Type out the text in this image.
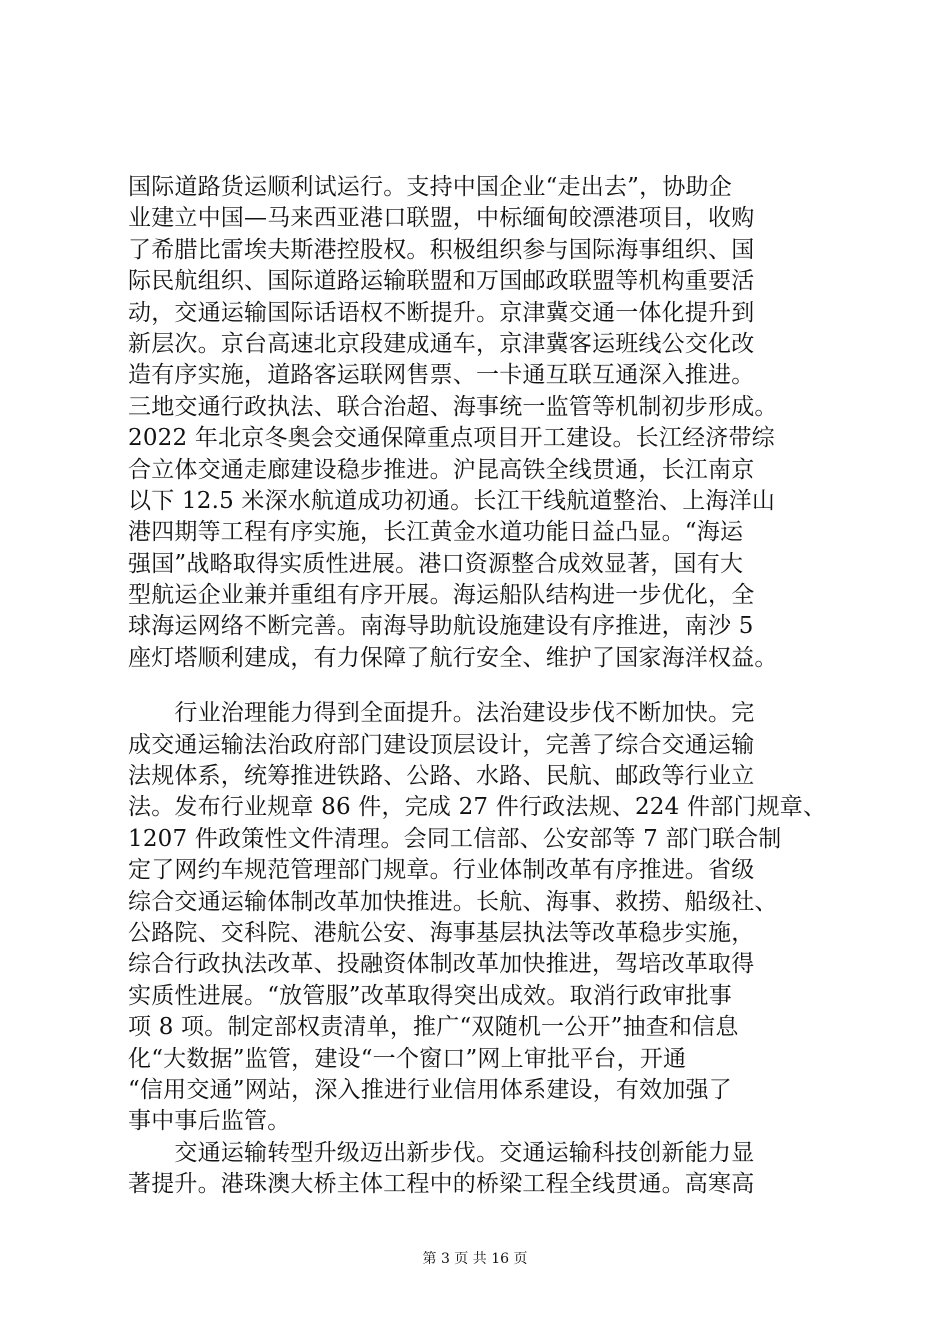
国际道路货运顺利试运行。支持中国企业“走出去”，协助企
业建立中国—马来西亚港口联盟，中标缅甸皎漂港项目，收购
了希腊比雷埃夫斯港控股权。积极组织参与国际海事组织、国
际民航组织、国际道路运输联盟和万国邮政联盟等机构重要活
动，交通运输国际话语权不断提升。京津冀交通一体化提升到
新层次。京台高速北京段建成通车，京津冀客运班线公交化改
造有序实施，道路客运联网售票、一卡通互联互通深入推进。
三地交通行政执法、联合治超、海事统一监管等机制初步形成。
2022 年北京冬奥会交通保障重点项目开工建设。长江经济带综
合立体交通走廊建设稳步推进。沪昆高铁全线贯通，长江南京
以下 12.5 米深水航道成功初通。长江干线航道整治、上海洋山
港四期等工程有序实施，长江黄金水道功能日益凸显。“海运
强国”战略取得实质性进展。港口资源整合成效显著，国有大
型航运企业兼并重组有序开展。海运船队结构进一步优化，全
球海运网络不断完善。南海导助航设施建设有序推进，南沙 5
座灯塔顺利建成，有力保障了航行安全、维护了国家海洋权益。
　　行业治理能力得到全面提升。法治建设步伐不断加快。完
成交通运输法治政府部门建设顶层设计，完善了综合交通运输
法规体系，统筹推进铁路、公路、水路、民航、邮政等行业立
法。发布行业规章 86 件，完成 27 件行政法规、224 件部门规章、
1207 件政策性文件清理。会同工信部、公安部等 7 部门联合制
定了网约车规范管理部门规章。行业体制改革有序推进。省级
综合交通运输体制改革加快推进。长航、海事、救捞、船级社、
公路院、交科院、港航公安、海事基层执法等改革稳步实施，
综合行政执法改革、投融资体制改革加快推进，驾培改革取得
实质性进展。“放管服”改革取得突出成效。取消行政审批事
项 8 项。制定部权责清单，推广“双随机一公开”抽查和信息
化“大数据”监管，建设“一个窗口”网上审批平台，开通
“信用交通”网站，深入推进行业信用体系建设，有效加强了
事中事后监管。
　　交通运输转型升级迈出新步伐。交通运输科技创新能力显
著提升。港珠澳大桥主体工程中的桥梁工程全线贯通。高寒高
第 3 页 共 16 页
